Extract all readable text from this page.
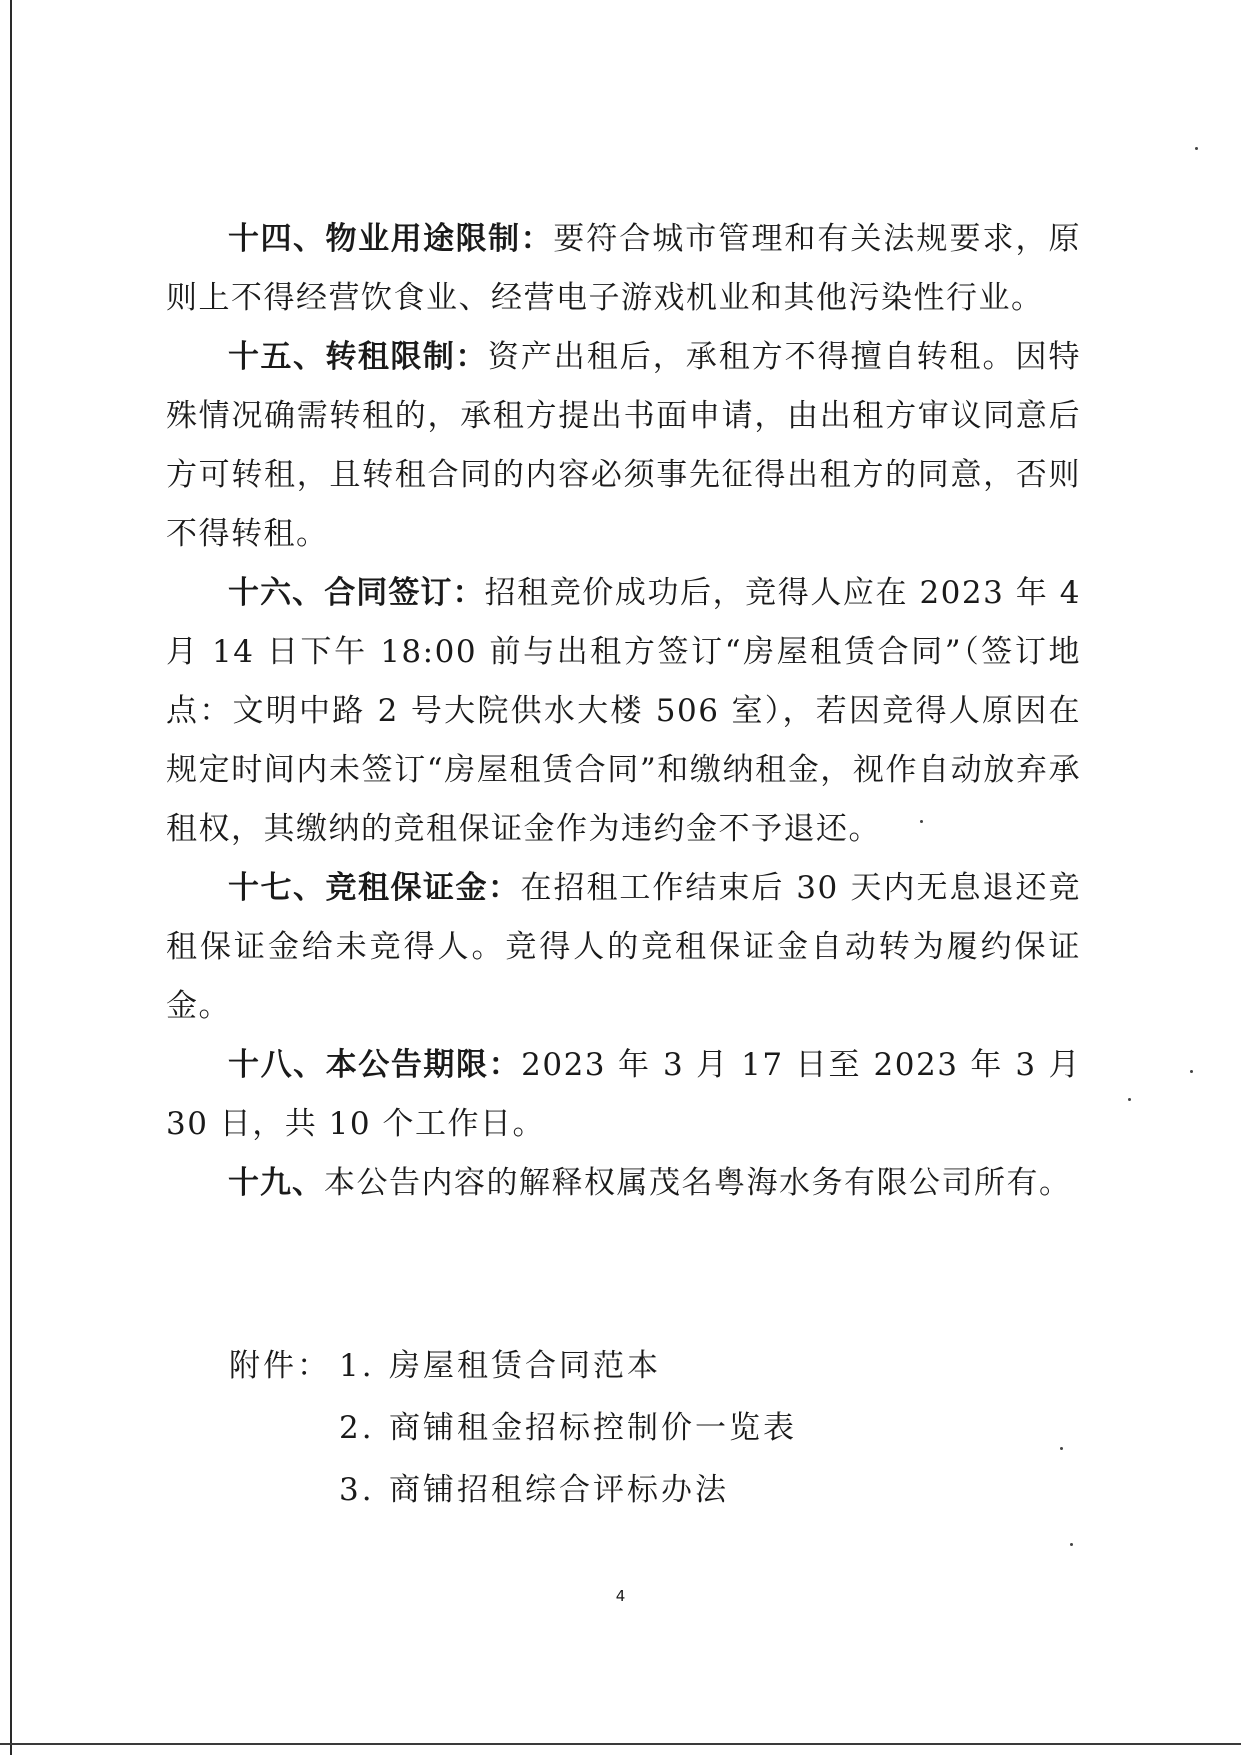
十四、物业用途限制：要符合城市管理和有关法规要求，原则上不得经营饮食业、经营电子游戏机业和其他污染性行业。

十五、转租限制：资产出租后，承租方不得擅自转租。因特殊情况确需转租的，承租方提出书面申请，由出租方审议同意后方可转租，且转租合同的内容必须事先征得出租方的同意，否则不得转租。

十六、合同签订：招租竞价成功后，竞得人应在 2023 年 4 月 14 日下午 18:00 前与出租方签订“房屋租赁合同”（签订地点：文明中路 2 号大院供水大楼 506 室），若因竞得人原因在规定时间内未签订“房屋租赁合同”和缴纳租金，视作自动放弃承租权，其缴纳的竞租保证金作为违约金不予退还。

十七、竞租保证金：在招租工作结束后 30 天内无息退还竞租保证金给未竞得人。竞得人的竞租保证金自动转为履约保证金。

十八、本公告期限：2023 年 3 月 17 日至 2023 年 3 月 30 日，共 10 个工作日。

十九、本公告内容的解释权属茂名粤海水务有限公司所有。

附件： 1. 房屋租赁合同范本
2. 商铺租金招标控制价一览表
3. 商铺招租综合评标办法
4
